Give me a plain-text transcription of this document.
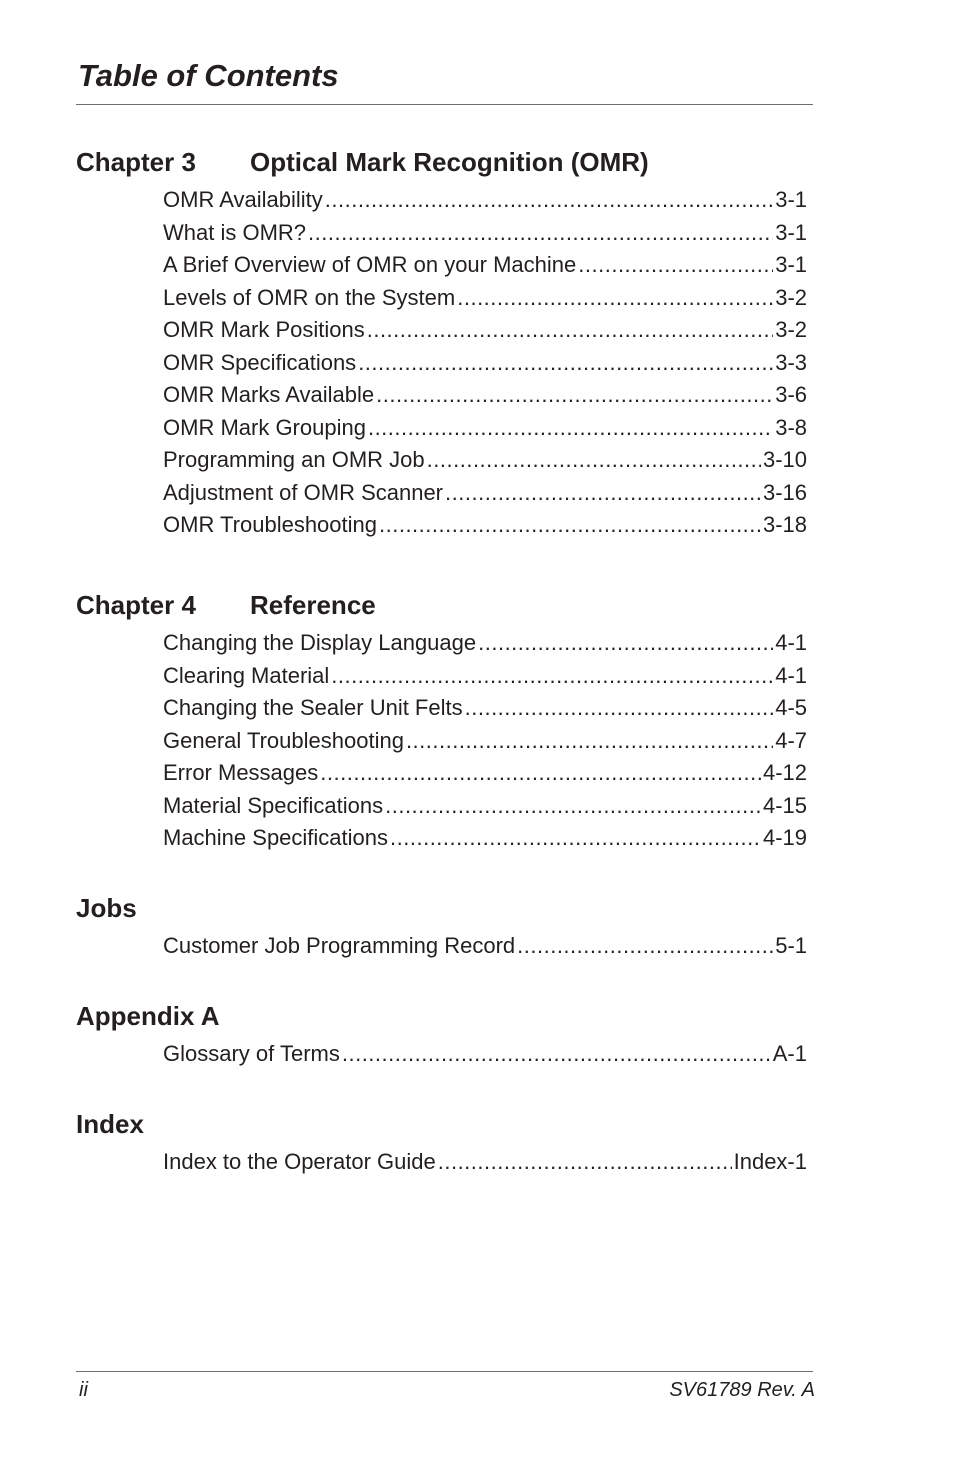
Table of Contents
Chapter 3 Optical Mark Recognition (OMR)
OMR Availability .....	3-1
What is OMR? .....	3-1
A Brief Overview of OMR on your Machine .....	3-1
Levels of OMR on the System .....	3-2
OMR Mark Positions .....	3-2
OMR Specifications .....	3-3
OMR Marks Available .....	3-6
OMR Mark Grouping .....	3-8
Programming an OMR Job .....	3-10
Adjustment of OMR Scanner .....	3-16
OMR Troubleshooting .....	3-18
Chapter 4 Reference
Changing the Display Language .....	4-1
Clearing Material .....	4-1
Changing the Sealer Unit Felts .....	4-5
General Troubleshooting .....	4-7
Error Messages .....	4-12
Material Specifications .....	4-15
Machine Specifications .....	4-19
Jobs
Customer Job Programming Record .....	5-1
Appendix A
Glossary of Terms .....	A-1
Index
Index to the Operator Guide .....	Index-1
ii	SV61789 Rev. A
